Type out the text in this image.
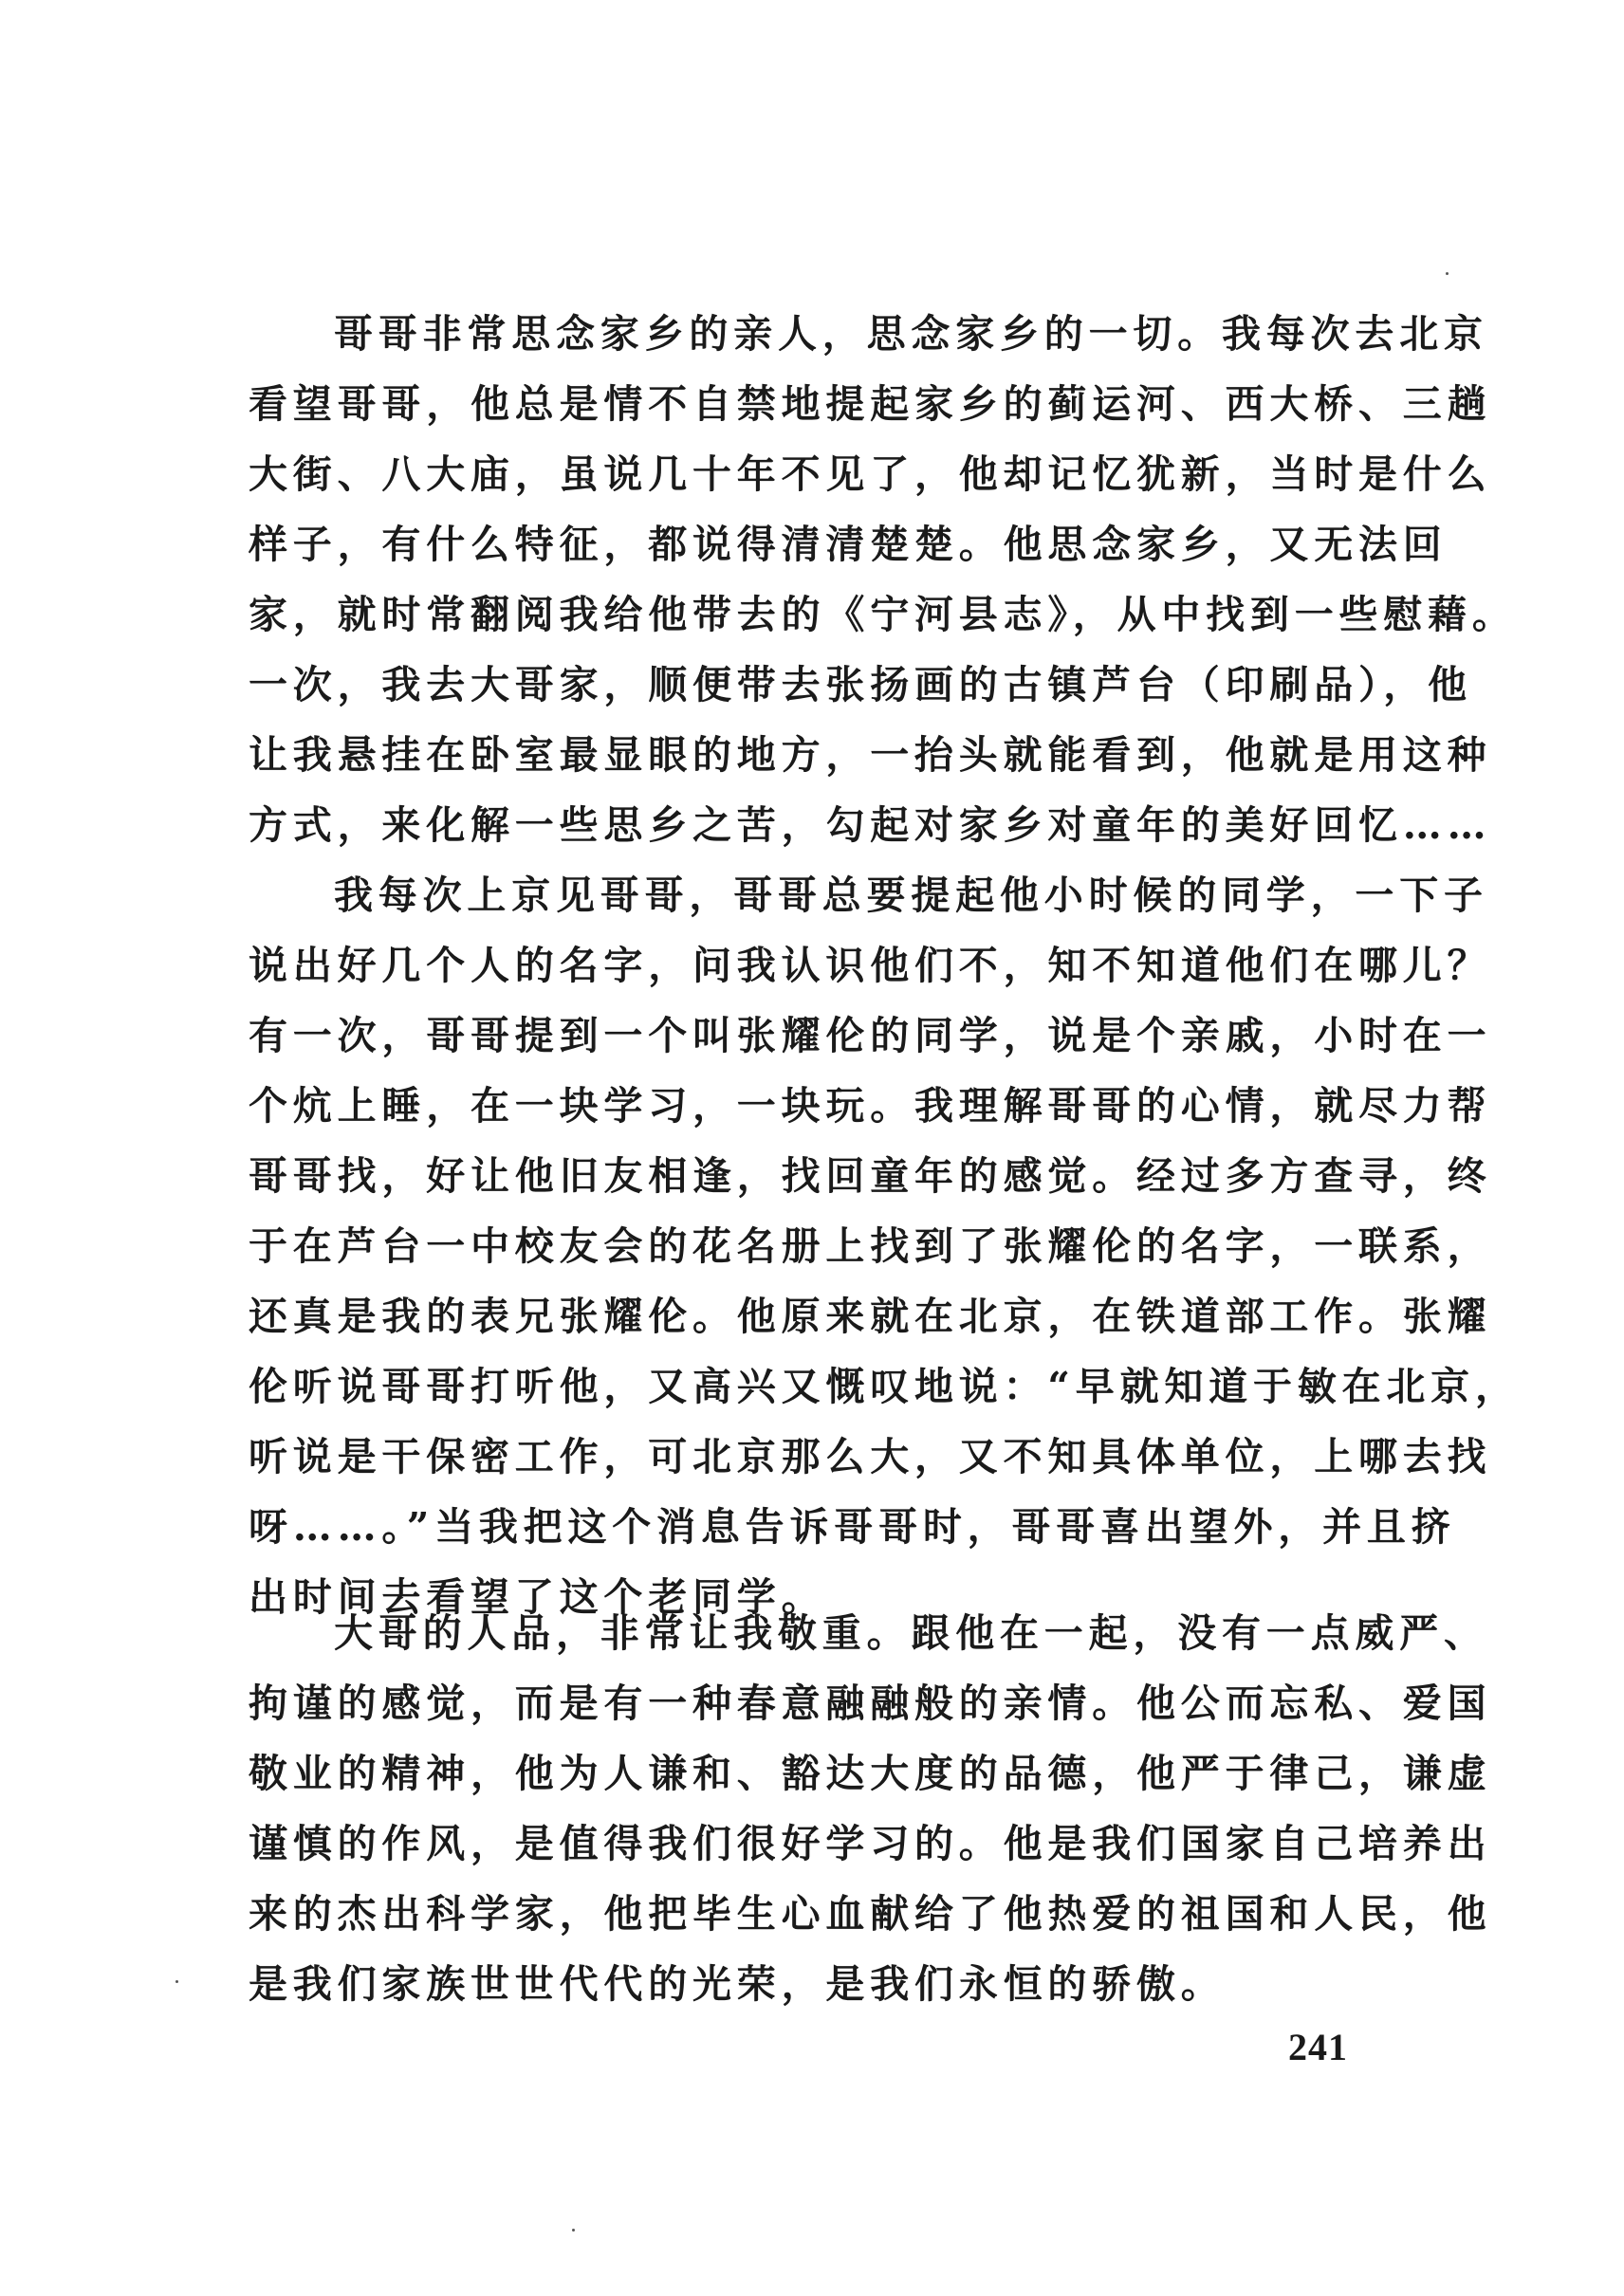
哥哥非常思念家乡的亲人，思念家乡的一切。我每次去北京
看望哥哥，他总是情不自禁地提起家乡的蓟运河、西大桥、三趟
大街、八大庙，虽说几十年不见了，他却记忆犹新，当时是什么
样子，有什么特征，都说得清清楚楚。他思念家乡，又无法回
家，就时常翻阅我给他带去的《宁河县志》，从中找到一些慰藉。
一次，我去大哥家，顺便带去张扬画的古镇芦台（印刷品），他
让我悬挂在卧室最显眼的地方，一抬头就能看到，他就是用这种
方式，来化解一些思乡之苦，勾起对家乡对童年的美好回忆……
我每次上京见哥哥，哥哥总要提起他小时候的同学，一下子
说出好几个人的名字，问我认识他们不，知不知道他们在哪儿？
有一次，哥哥提到一个叫张耀伦的同学，说是个亲戚，小时在一
个炕上睡，在一块学习，一块玩。我理解哥哥的心情，就尽力帮
哥哥找，好让他旧友相逢，找回童年的感觉。经过多方查寻，终
于在芦台一中校友会的花名册上找到了张耀伦的名字，一联系，
还真是我的表兄张耀伦。他原来就在北京，在铁道部工作。张耀
伦听说哥哥打听他，又高兴又慨叹地说：“早就知道于敏在北京，
听说是干保密工作，可北京那么大，又不知具体单位，上哪去找
呀……。”当我把这个消息告诉哥哥时，哥哥喜出望外，并且挤
出时间去看望了这个老同学。
大哥的人品，非常让我敬重。跟他在一起，没有一点威严、
拘谨的感觉，而是有一种春意融融般的亲情。他公而忘私、爱国
敬业的精神，他为人谦和、豁达大度的品德，他严于律己，谦虚
谨慎的作风，是值得我们很好学习的。他是我们国家自己培养出
来的杰出科学家，他把毕生心血献给了他热爱的祖国和人民，他
是我们家族世世代代的光荣，是我们永恒的骄傲。
241
